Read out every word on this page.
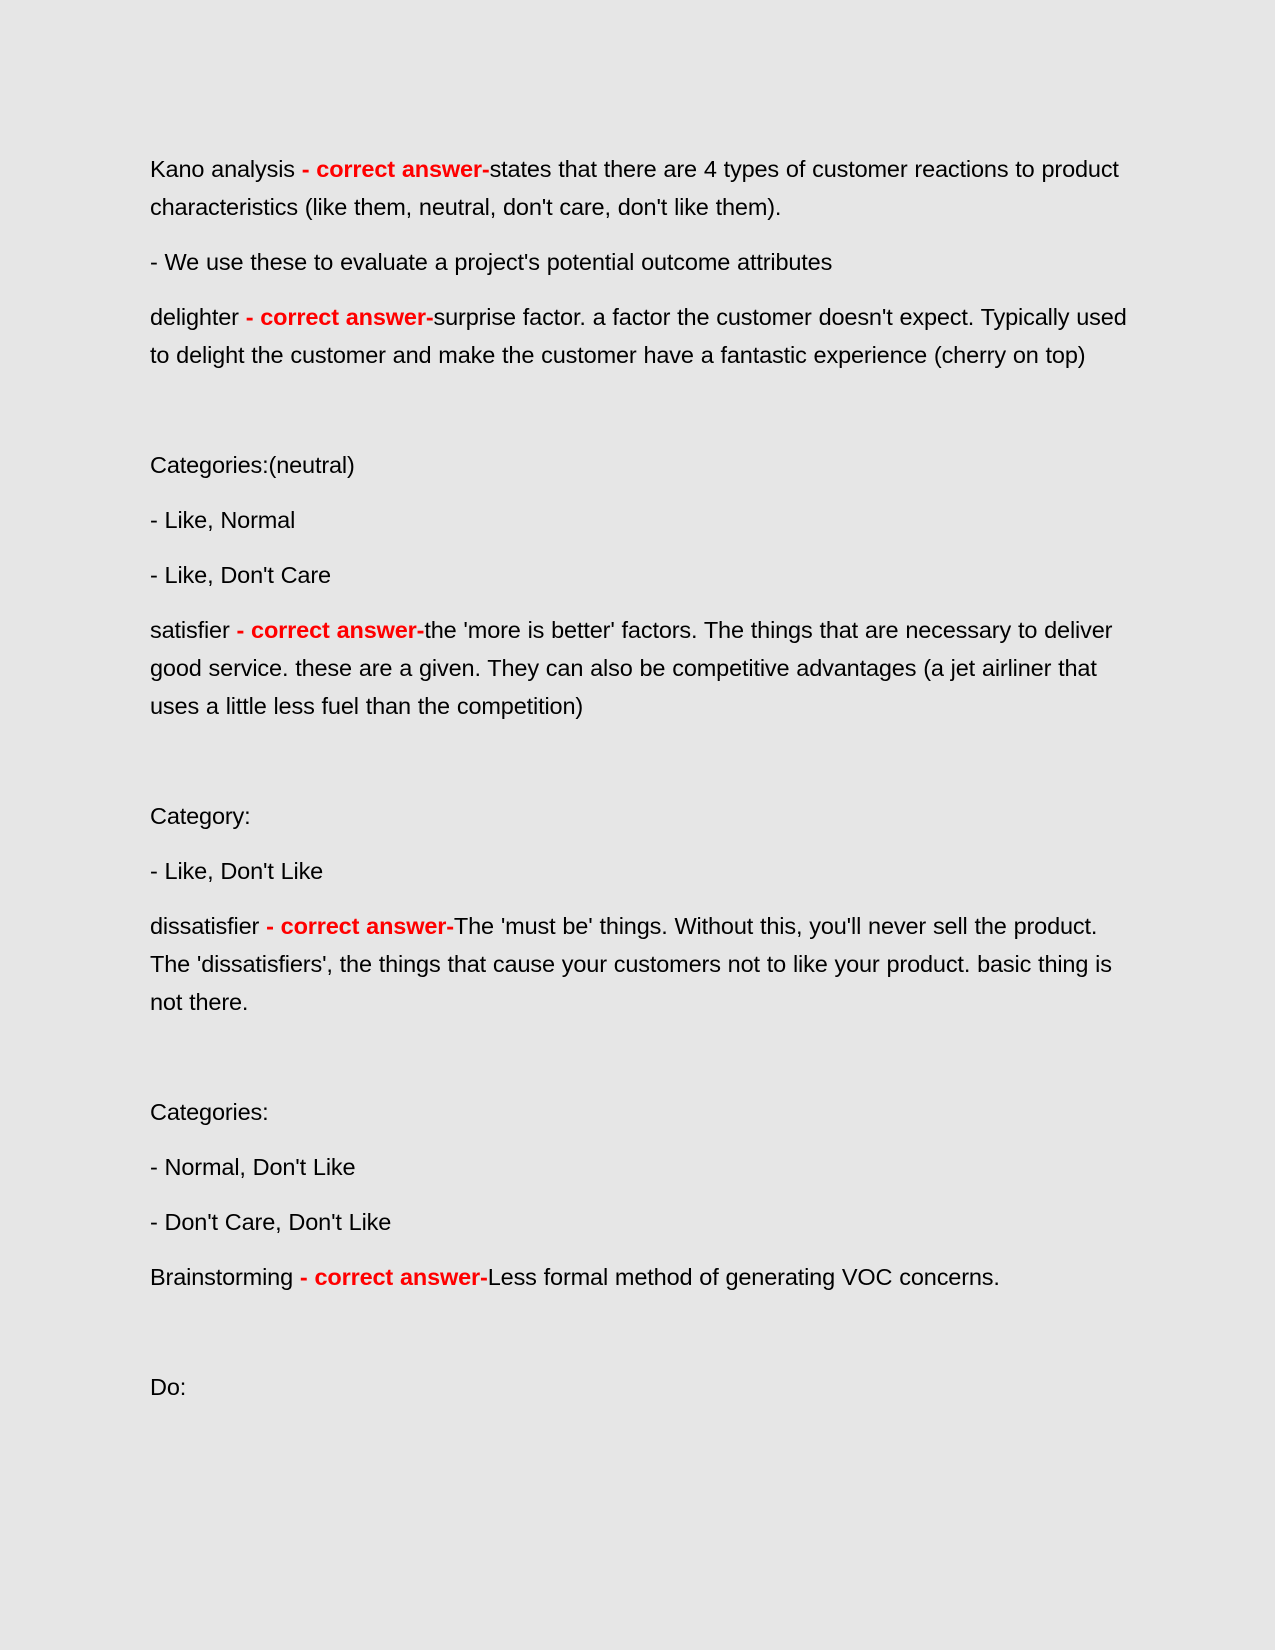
Kano analysis - correct answer-states that there are 4 types of customer reactions to product characteristics (like them, neutral, don't care, don't like them).

- We use these to evaluate a project's potential outcome attributes

delighter - correct answer-surprise factor. a factor the customer doesn't expect. Typically used to delight the customer and make the customer have a fantastic experience (cherry on top)

Categories:(neutral)

- Like, Normal

- Like, Don't Care

satisfier - correct answer-the 'more is better' factors. The things that are necessary to deliver good service. these are a given. They can also be competitive advantages (a jet airliner that uses a little less fuel than the competition)

Category:

- Like, Don't Like

dissatisfier - correct answer-The 'must be' things. Without this, you'll never sell the product. The 'dissatisfiers', the things that cause your customers not to like your product. basic thing is not there.

Categories:

- Normal, Don't Like

- Don't Care, Don't Like

Brainstorming - correct answer-Less formal method of generating VOC concerns.

Do:
